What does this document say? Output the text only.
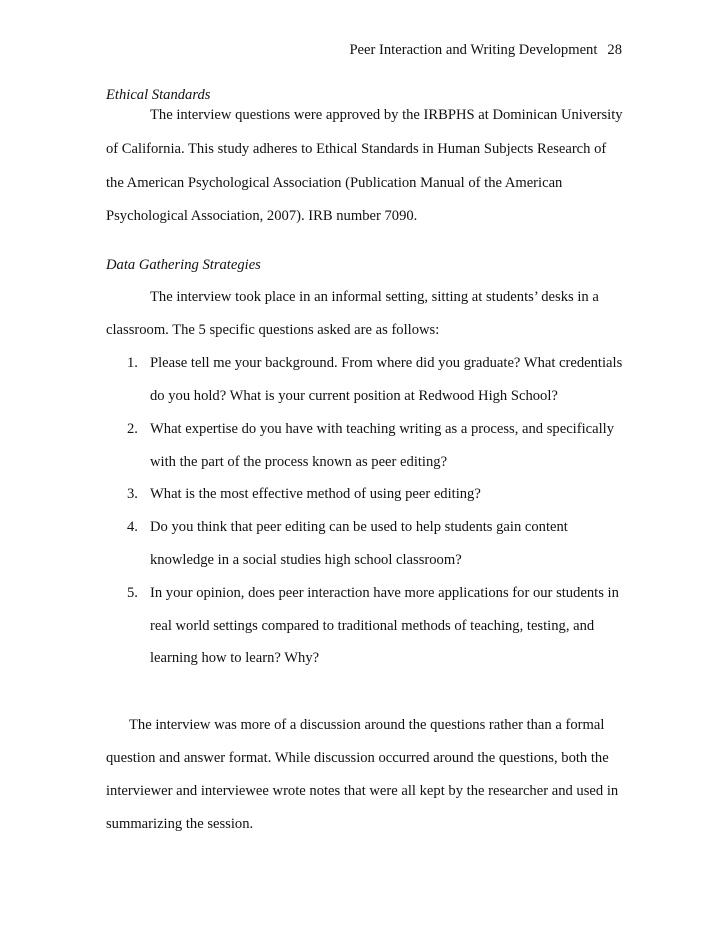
Peer Interaction and Writing Development 28
Ethical Standards
The interview questions were approved by the IRBPHS at Dominican University
of California. This study adheres to Ethical Standards in Human Subjects Research of
the American Psychological Association (Publication Manual of the American
Psychological Association, 2007). IRB number 7090.
Data Gathering Strategies
The interview took place in an informal setting, sitting at students’ desks in a
classroom. The 5 specific questions asked are as follows:
1. Please tell me your background. From where did you graduate? What credentials
do you hold? What is your current position at Redwood High School?
2. What expertise do you have with teaching writing as a process, and specifically
with the part of the process known as peer editing?
3. What is the most effective method of using peer editing?
4. Do you think that peer editing can be used to help students gain content
knowledge in a social studies high school classroom?
5. In your opinion, does peer interaction have more applications for our students in
real world settings compared to traditional methods of teaching, testing, and
learning how to learn? Why?
The interview was more of a discussion around the questions rather than a formal
question and answer format. While discussion occurred around the questions, both the
interviewer and interviewee wrote notes that were all kept by the researcher and used in
summarizing the session.
